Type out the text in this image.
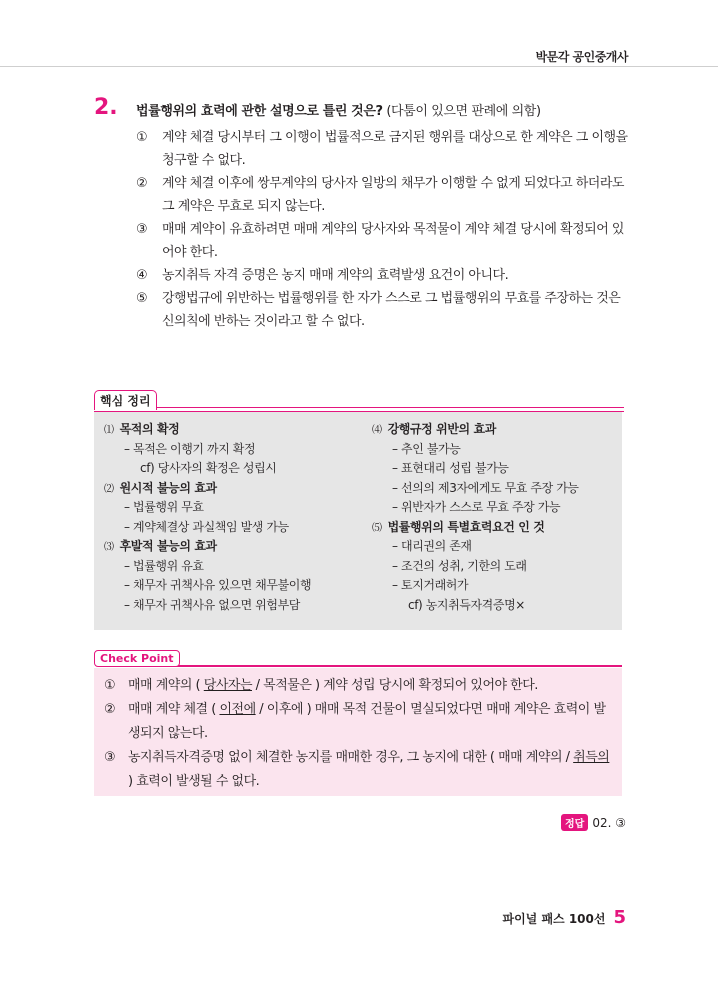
박문각 공인중개사
2. 법률행위의 효력에 관한 설명으로 틀린 것은? (다툼이 있으면 판례에 의함)
①	계약 체결 당시부터 그 이행이 법률적으로 금지된 행위를 대상으로 한 계약은 그 이행을 청구할 수 없다.
②	계약 체결 이후에 쌍무계약의 당사자 일방의 채무가 이행할 수 없게 되었다고 하더라도 그 계약은 무효로 되지 않는다.
③	매매 계약이 유효하려면 매매 계약의 당사자와 목적물이 계약 체결 당시에 확정되어 있어야 한다.
④	농지취득 자격 증명은 농지 매매 계약의 효력발생 요건이 아니다.
⑤	강행법규에 위반하는 법률행위를 한 자가 스스로 그 법률행위의 무효를 주장하는 것은 신의칙에 반하는 것이라고 할 수 없다.
핵심 정리
⑴ 목적의 확정
– 목적은 이행기 까지 확정
cf) 당사자의 확정은 성립시
⑵ 원시적 불능의 효과
– 법률행위 무효
– 계약체결상 과실책임 발생 가능
⑶ 후발적 불능의 효과
– 법률행위 유효
– 채무자 귀책사유 있으면 채무불이행
– 채무자 귀책사유 없으면 위험부담
⑷ 강행규정 위반의 효과
– 추인 불가능
– 표현대리 성립 불가능
– 선의의 제3자에게도 무효 주장 가능
– 위반자가 스스로 무효 주장 가능
⑸ 법률행위의 특별효력요건 인 것
– 대리권의 존재
– 조건의 성취, 기한의 도래
– 토지거래허가
cf) 농지취득자격증명×
Check Point
① 매매 계약의 ( 당사자는 / 목적물은 ) 계약 성립 당시에 확정되어 있어야 한다.
② 매매 계약 체결 ( 이전에 / 이후에 ) 매매 목적 건물이 멸실되었다면 매매 계약은 효력이 발생되지 않는다.
③ 농지취득자격증명 없이 체결한 농지를 매매한 경우, 그 농지에 대한 ( 매매 계약의 / 취득의 ) 효력이 발생될 수 없다.
정답 02. ③
파이널 패스 100선 5
